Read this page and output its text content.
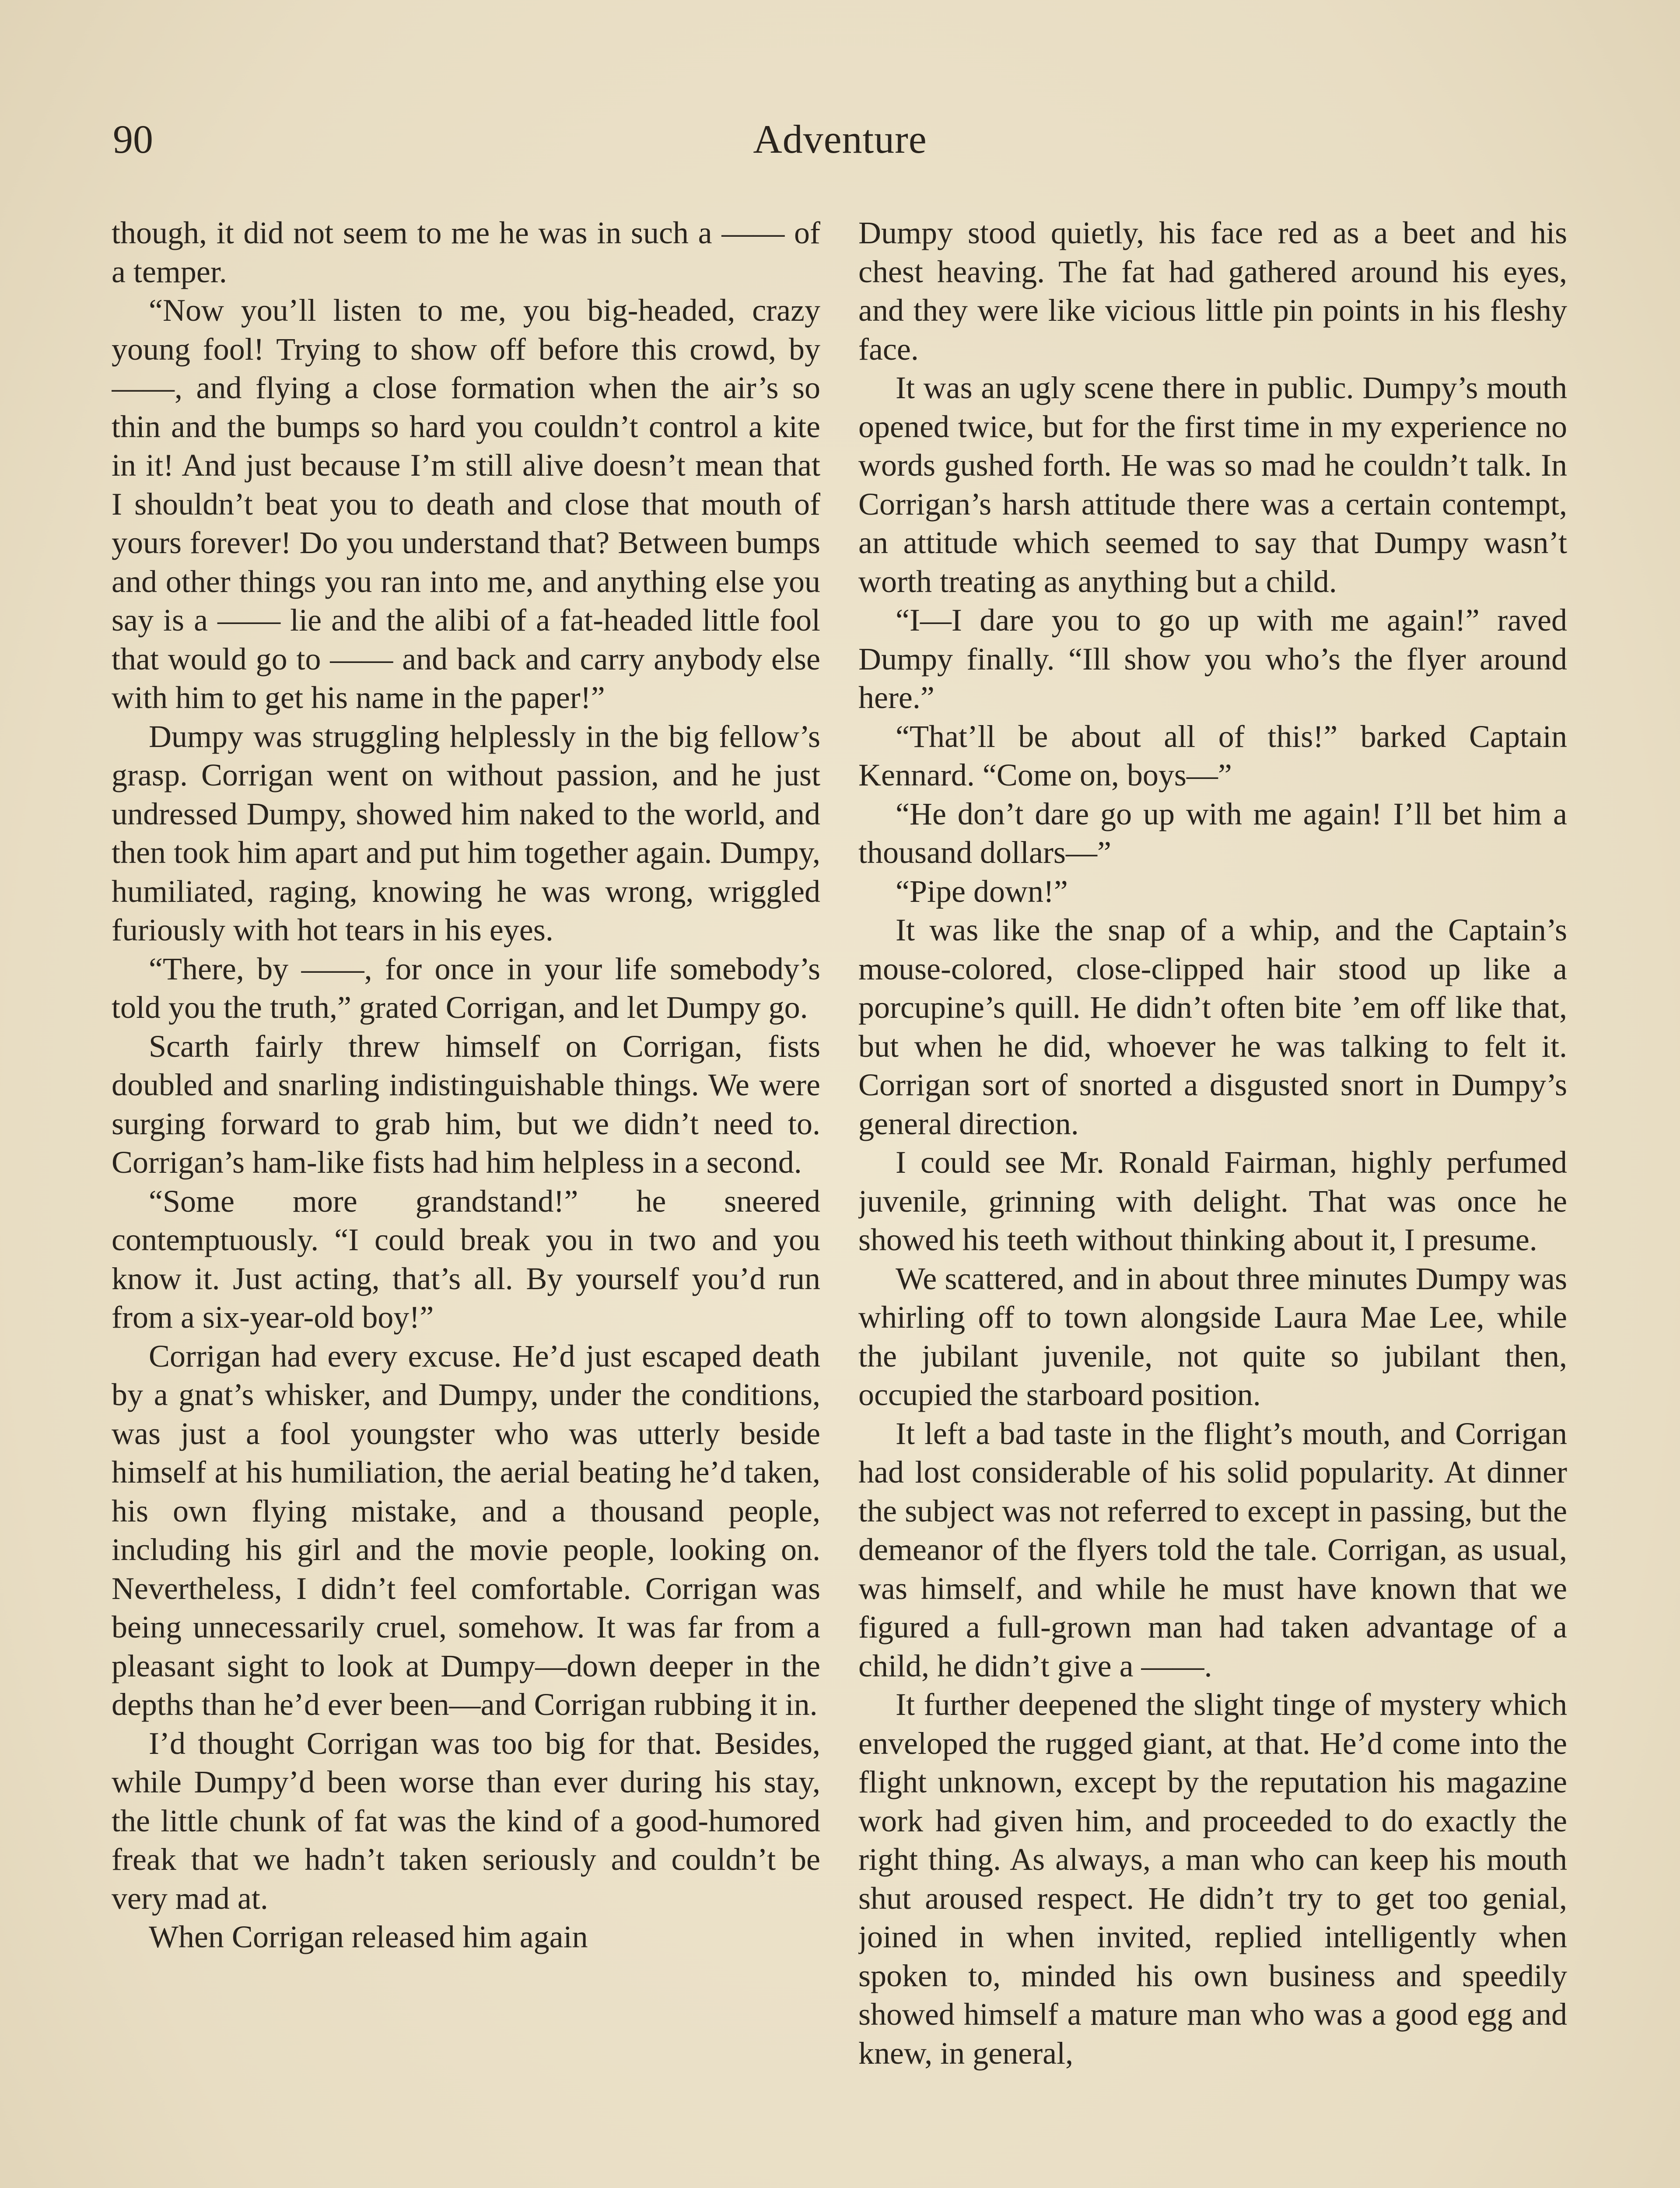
90	Adventure

though, it did not seem to me he was in such a —— of a temper.

“Now you’ll listen to me, you big-headed, crazy young fool! Trying to show off before this crowd, by ——, and flying a close formation when the air’s so thin and the bumps so hard you couldn’t control a kite in it! And just because I’m still alive doesn’t mean that I shouldn’t beat you to death and close that mouth of yours forever! Do you understand that? Between bumps and other things you ran into me, and anything else you say is a —— lie and the alibi of a fat-headed little fool that would go to —— and back and carry anybody else with him to get his name in the paper!”

Dumpy was struggling helplessly in the big fellow’s grasp. Corrigan went on without passion, and he just undressed Dumpy, showed him naked to the world, and then took him apart and put him together again. Dumpy, humiliated, raging, knowing he was wrong, wriggled furiously with hot tears in his eyes.

“There, by ——, for once in your life somebody’s told you the truth,” grated Corrigan, and let Dumpy go.

Scarth fairly threw himself on Corrigan, fists doubled and snarling indistinguishable things. We were surging forward to grab him, but we didn’t need to. Corrigan’s ham-like fists had him helpless in a second.

“Some more grandstand!” he sneered contemptuously. “I could break you in two and you know it. Just acting, that’s all. By yourself you’d run from a six-year-old boy!”

Corrigan had every excuse. He’d just escaped death by a gnat’s whisker, and Dumpy, under the conditions, was just a fool youngster who was utterly beside himself at his humiliation, the aerial beating he’d taken, his own flying mistake, and a thousand people, including his girl and the movie people, looking on. Nevertheless, I didn’t feel comfortable. Corrigan was being unnecessarily cruel, somehow. It was far from a pleasant sight to look at Dumpy—down deeper in the depths than he’d ever been—and Corrigan rubbing it in.

I’d thought Corrigan was too big for that. Besides, while Dumpy’d been worse than ever during his stay, the little chunk of fat was the kind of a good-humored freak that we hadn’t taken seriously and couldn’t be very mad at.

When Corrigan released him again

Dumpy stood quietly, his face red as a beet and his chest heaving. The fat had gathered around his eyes, and they were like vicious little pin points in his fleshy face.

It was an ugly scene there in public. Dumpy’s mouth opened twice, but for the first time in my experience no words gushed forth. He was so mad he couldn’t talk. In Corrigan’s harsh attitude there was a certain contempt, an attitude which seemed to say that Dumpy wasn’t worth treating as anything but a child.

“I—I dare you to go up with me again!” raved Dumpy finally. “Ill show you who’s the flyer around here.”

“That’ll be about all of this!” barked Captain Kennard. “Come on, boys—”

“He don’t dare go up with me again! I’ll bet him a thousand dollars—”

“Pipe down!”

It was like the snap of a whip, and the Captain’s mouse-colored, close-clipped hair stood up like a porcupine’s quill. He didn’t often bite ’em off like that, but when he did, whoever he was talking to felt it. Corrigan sort of snorted a disgusted snort in Dumpy’s general direction.

I could see Mr. Ronald Fairman, highly perfumed juvenile, grinning with delight. That was once he showed his teeth without thinking about it, I presume.

We scattered, and in about three minutes Dumpy was whirling off to town alongside Laura Mae Lee, while the jubilant juvenile, not quite so jubilant then, occupied the starboard position.

It left a bad taste in the flight’s mouth, and Corrigan had lost considerable of his solid popularity. At dinner the subject was not referred to except in passing, but the demeanor of the flyers told the tale. Corrigan, as usual, was himself, and while he must have known that we figured a full-grown man had taken advantage of a child, he didn’t give a ——.

It further deepened the slight tinge of mystery which enveloped the rugged giant, at that. He’d come into the flight unknown, except by the reputation his magazine work had given him, and proceeded to do exactly the right thing. As always, a man who can keep his mouth shut aroused respect. He didn’t try to get too genial, joined in when invited, replied intelligently when spoken to, minded his own business and speedily showed himself a mature man who was a good egg and knew, in general,
